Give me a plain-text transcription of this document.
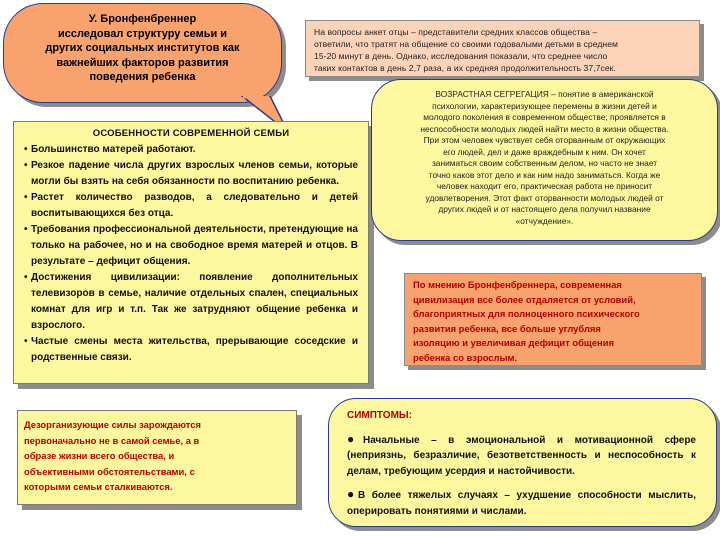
У. Бронфенбреннер
исследовал структуру семьи и
других социальных институтов как
важнейших факторов развития
поведения ребенка
На вопросы анкет отцы – представители средних классов общества –
ответили, что тратят на общение со своими годовалыми детьми в среднем
15-20 минут в день. Однако, исследования показали, что среднее число
таких контактов в день 2,7 раза, а их средняя продолжительность 37,7сек.
ОСОБЕННОСТИ СОВРЕМЕННОЙ СЕМЬИ
• Большинство матерей работают.
• Резкое падение числа других взрослых членов семьи, которые могли бы взять на себя обязанности по воспитанию ребенка.
• Растет количество разводов, а следовательно и детей воспитывающихся без отца.
• Требования профессиональной деятельности, претендующие на только на рабочее, но и на свободное время матерей и отцов. В результате – дефицит общения.
• Достижения цивилизации: появление дополнительных телевизоров в семье, наличие отдельных спален, специальных комнат для игр и т.п. Так же затрудняют общение ребенка и взрослого.
• Частые смены места жительства, прерывающие соседские и родственные связи.
ВОЗРАСТНАЯ СЕГРЕГАЦИЯ – понятие в американской
психологии, характеризующее перемены в жизни детей и
молодого поколения в современном обществе; проявляется в
неспособности молодых людей найти место в жизни общества.
При этом человек чувствует себя оторванным от окружающих
его людей, дел и даже враждебным к ним. Он хочет
заниматься своим собственным делом, но часто не знает
точно каков этот дело и как ним надо заниматься. Когда же
человек находит его, практическая работа не приносит
удовлетворения. Этот факт оторванности молодых людей от
других людей и от настоящего дела получил название
«отчуждение».
По мнению Бронфенбреннера, современная
цивилизация все более отдаляется от условий,
благоприятных для полноценного психического
развития ребенка, все больше углубляя
изоляцию и увеличивая дефицит общения
ребенка со взрослым.
Дезорганизующие силы зарождаются
первоначально не в самой семье, а в
образе жизни всего общества, и
объективными обстоятельствами, с
которыми семьи сталкиваются.
СИМПТОМЫ:
●Начальные – в эмоциональной и мотивационной сфере (неприязнь, безразличие, безответственность и неспособность к делам, требующим усердия и настойчивости.
●В более тяжелых случаях – ухудшение способности мыслить, оперировать понятиями и числами.
